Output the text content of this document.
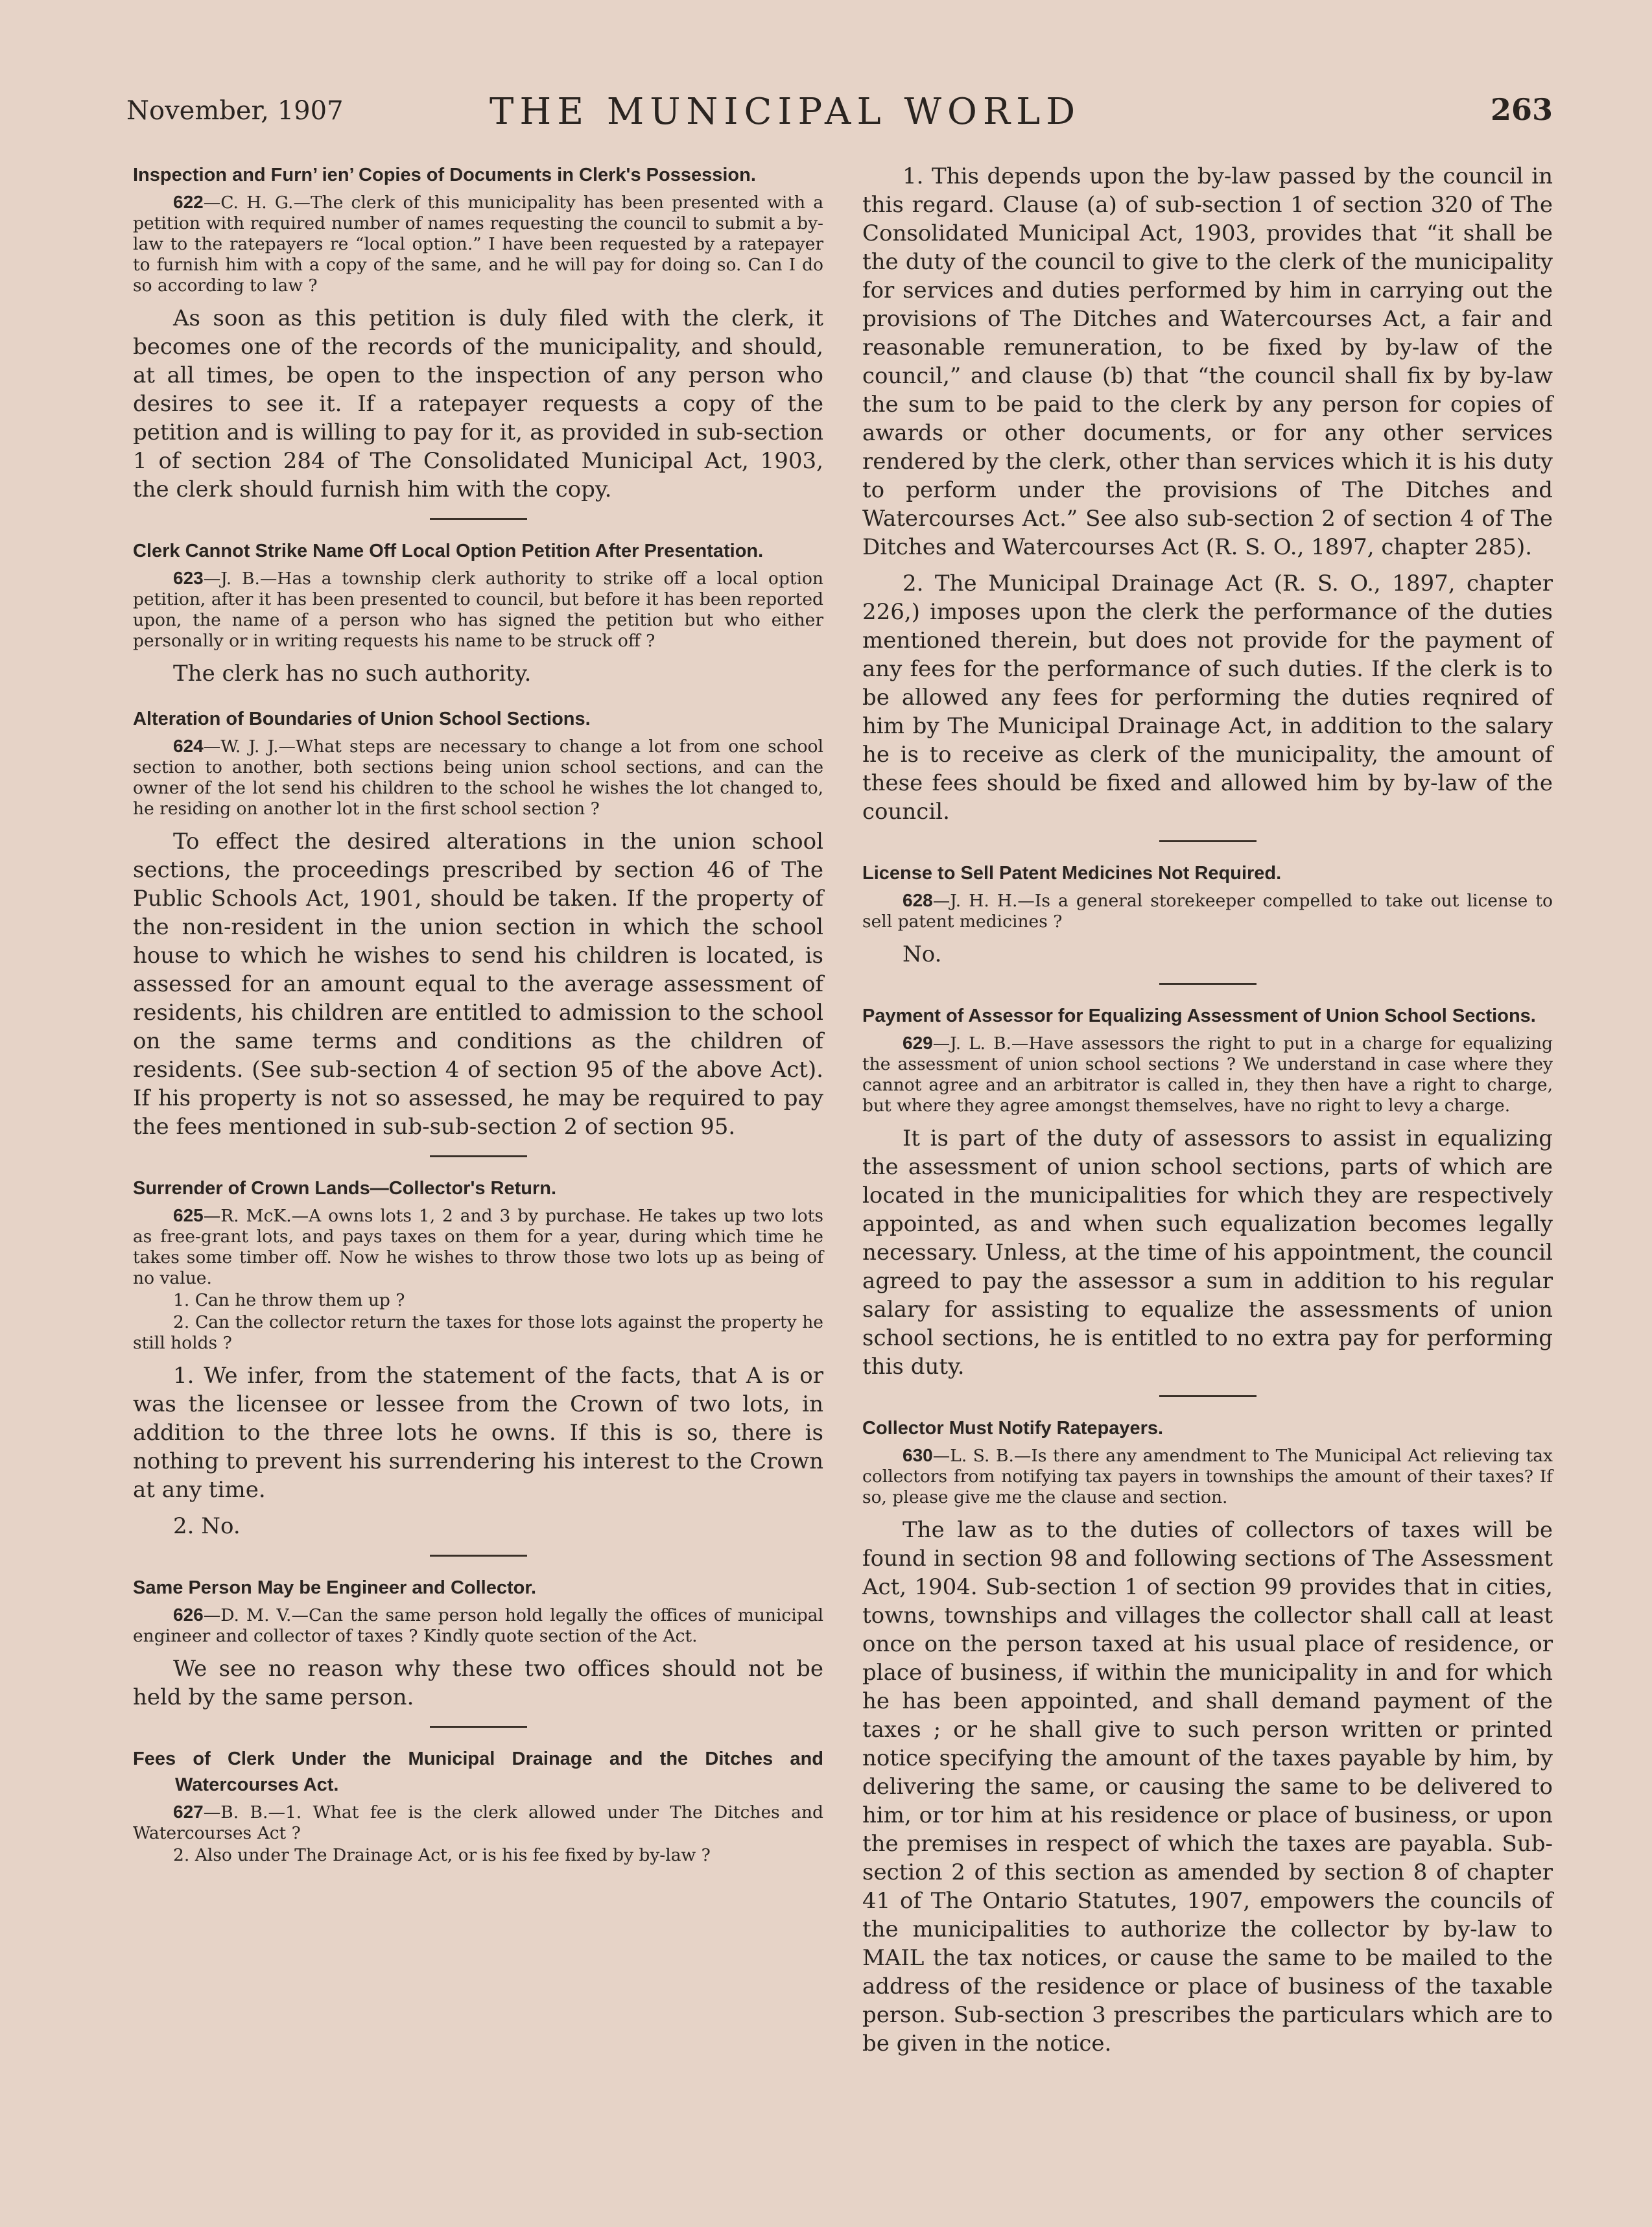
November, 1907	THE MUNICIPAL WORLD	263

Inspection and Furn’ ien’ Copies of Documents in Clerk's Possession.

622—C. H. G.—The clerk of this municipality has been presented with a petition with required number of names requesting the council to submit a by-law to the ratepayers re “local option.” I have been requested by a ratepayer to furnish him with a copy of the same, and he will pay for doing so. Can I do so according to law ?

As soon as this petition is duly filed with the clerk, it becomes one of the records of the municipality, and should, at all times, be open to the inspection of any person who desires to see it. If a ratepayer requests a copy of the petition and is willing to pay for it, as provided in sub-section 1 of section 284 of The Consolidated Municipal Act, 1903, the clerk should furnish him with the copy.

Clerk Cannot Strike Name Off Local Option Petition After Presentation.

623—J. B.—Has a township clerk authority to strike off a local option petition, after it has been presented to council, but before it has been reported upon, the name of a person who has signed the petition but who either personally or in writing requests his name to be struck off ?

The clerk has no such authority.

Alteration of Boundaries of Union School Sections.

624—W. J. J.—What steps are necessary to change a lot from one school section to another, both sections being union school sections, and can the owner of the lot send his children to the school he wishes the lot changed to, he residing on another lot in the first school section ?

To effect the desired alterations in the union school sections, the proceedings prescribed by section 46 of The Public Schools Act, 1901, should be taken. If the property of the non-resident in the union section in which the school house to which he wishes to send his children is located, is assessed for an amount equal to the average assessment of residents, his children are entitled to admission to the school on the same terms and conditions as the children of residents. (See sub-section 4 of section 95 of the above Act). If his property is not so assessed, he may be required to pay the fees mentioned in sub-sub-section 2 of section 95.

Surrender of Crown Lands—Collector's Return.

625—R. McK.—A owns lots 1, 2 and 3 by purchase. He takes up two lots as free-grant lots, and pays taxes on them for a year, during which time he takes some timber off. Now he wishes to throw those two lots up as being of no value.

1. Can he throw them up ?

2. Can the collector return the taxes for those lots against the property he still holds ?

1. We infer, from the statement of the facts, that A is or was the licensee or lessee from the Crown of two lots, in addition to the three lots he owns. If this is so, there is nothing to prevent his surrendering his interest to the Crown at any time.

2. No.

Same Person May be Engineer and Collector.

626—D. M. V.—Can the same person hold legally the offices of municipal engineer and collector of taxes ? Kindly quote section of the Act.

We see no reason why these two offices should not be held by the same person.

Fees of Clerk Under the Municipal Drainage and the Ditches and Watercourses Act.

627—B. B.—1. What fee is the clerk allowed under The Ditches and Watercourses Act ?

2. Also under The Drainage Act, or is his fee fixed by by-law ?

1. This depends upon the by-law passed by the council in this regard. Clause (a) of sub-section 1 of section 320 of The Consolidated Municipal Act, 1903, provides that “it shall be the duty of the council to give to the clerk of the municipality for services and duties performed by him in carrying out the provisions of The Ditches and Watercourses Act, a fair and reasonable remuneration, to be fixed by by-law of the council,” and clause (b) that “the council shall fix by by-law the sum to be paid to the clerk by any person for copies of awards or other documents, or for any other services rendered by the clerk, other than services which it is his duty to perform under the provisions of The Ditches and Watercourses Act.” See also sub-section 2 of section 4 of The Ditches and Watercourses Act (R. S. O., 1897, chapter 285).

2. The Municipal Drainage Act (R. S. O., 1897, chapter 226,) imposes upon the clerk the performance of the duties mentioned therein, but does not provide for the payment of any fees for the performance of such duties. If the clerk is to be allowed any fees for performing the duties reqnired of him by The Municipal Drainage Act, in addition to the salary he is to receive as clerk of the municipality, the amount of these fees should be fixed and allowed him by by-law of the council.

License to Sell Patent Medicines Not Required.

628—J. H. H.—Is a general storekeeper compelled to take out license to sell patent medicines ?

No.

Payment of Assessor for Equalizing Assessment of Union School Sections.

629—J. L. B.—Have assessors the right to put in a charge for equalizing the assessment of union school sections ? We understand in case where they cannot agree and an arbitrator is called in, they then have a right to charge, but where they agree amongst themselves, have no right to levy a charge.

It is part of the duty of assessors to assist in equalizing the assessment of union school sections, parts of which are located in the municipalities for which they are respectively appointed, as and when such equalization becomes legally necessary. Unless, at the time of his appointment, the council agreed to pay the assessor a sum in addition to his regular salary for assisting to equalize the assessments of union school sections, he is entitled to no extra pay for performing this duty.

Collector Must Notify Ratepayers.

630—L. S. B.—Is there any amendment to The Municipal Act relieving tax collectors from notifying tax payers in townships the amount of their taxes? If so, please give me the clause and section.

The law as to the duties of collectors of taxes will be found in section 98 and following sections of The Assessment Act, 1904. Sub-section 1 of section 99 provides that in cities, towns, townships and villages the collector shall call at least once on the person taxed at his usual place of residence, or place of business, if within the municipality in and for which he has been appointed, and shall demand payment of the taxes ; or he shall give to such person written or printed notice specifying the amount of the taxes payable by him, by delivering the same, or causing the same to be delivered to him, or tor him at his residence or place of business, or upon the premises in respect of which the taxes are payabla. Sub-section 2 of this section as amended by section 8 of chapter 41 of The Ontario Statutes, 1907, empowers the councils of the municipalities to authorize the collector by by-law to MAIL the tax notices, or cause the same to be mailed to the address of the residence or place of business of the taxable person. Sub-section 3 prescribes the particulars which are to be given in the notice.
